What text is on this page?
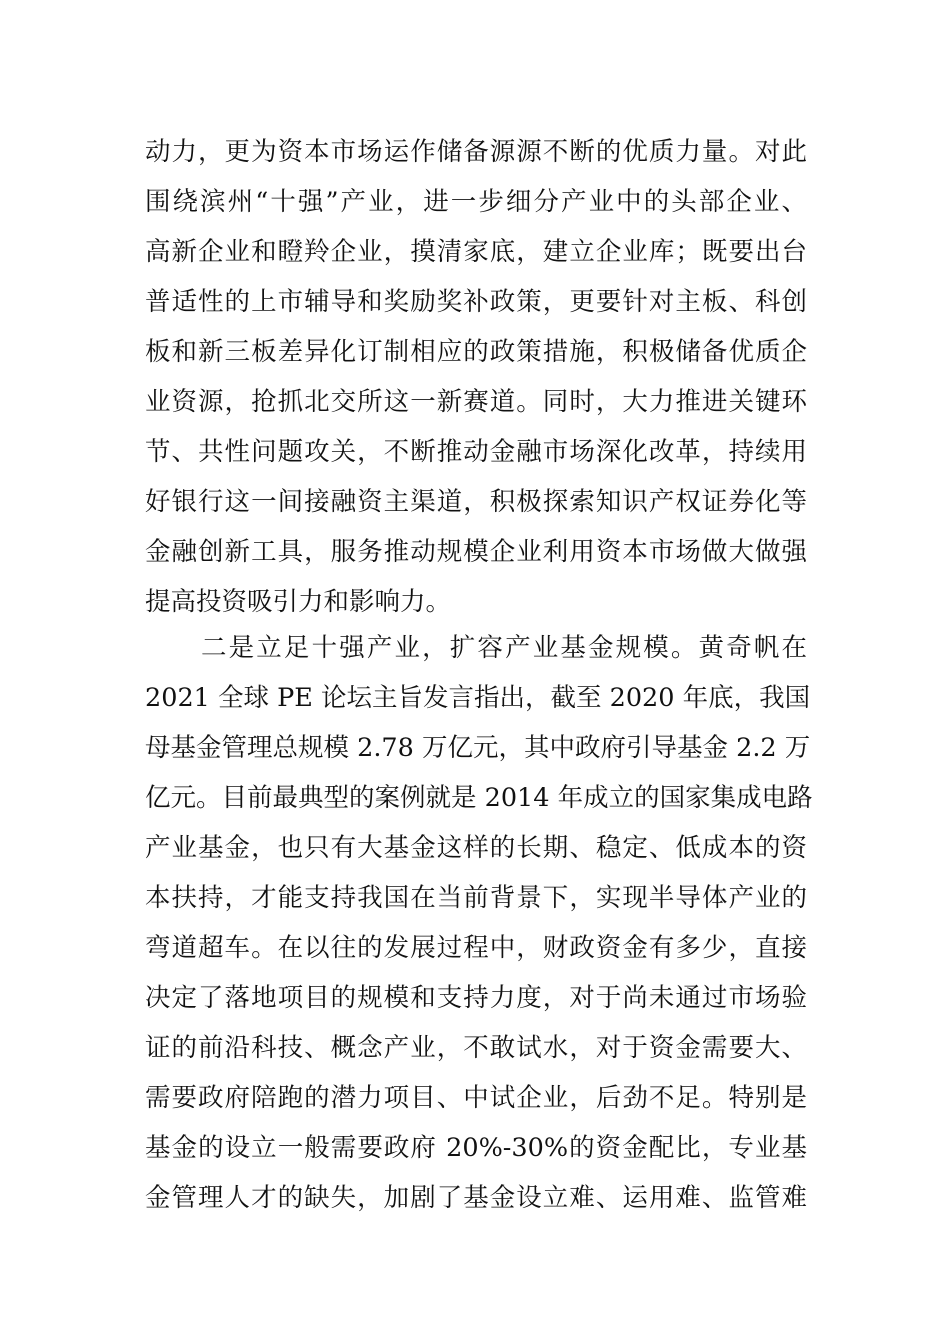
动力，更为资本市场运作储备源源不断的优质力量。对此
围绕滨州“十强”产业，进一步细分产业中的头部企业、
高新企业和瞪羚企业，摸清家底，建立企业库；既要出台
普适性的上市辅导和奖励奖补政策，更要针对主板、科创
板和新三板差异化订制相应的政策措施，积极储备优质企
业资源，抢抓北交所这一新赛道。同时，大力推进关键环
节、共性问题攻关，不断推动金融市场深化改革，持续用
好银行这一间接融资主渠道，积极探索知识产权证券化等
金融创新工具，服务推动规模企业利用资本市场做大做强
提高投资吸引力和影响力。
二是立足十强产业，扩容产业基金规模。黄奇帆在
2021 全球 PE 论坛主旨发言指出，截至 2020 年底，我国
母基金管理总规模 2.78 万亿元，其中政府引导基金 2.2 万
亿元。目前最典型的案例就是 2014 年成立的国家集成电路
产业基金，也只有大基金这样的长期、稳定、低成本的资
本扶持，才能支持我国在当前背景下，实现半导体产业的
弯道超车。在以往的发展过程中，财政资金有多少，直接
决定了落地项目的规模和支持力度，对于尚未通过市场验
证的前沿科技、概念产业，不敢试水，对于资金需要大、
需要政府陪跑的潜力项目、中试企业，后劲不足。特别是
基金的设立一般需要政府 20%-30%的资金配比，专业基
金管理人才的缺失，加剧了基金设立难、运用难、监管难
